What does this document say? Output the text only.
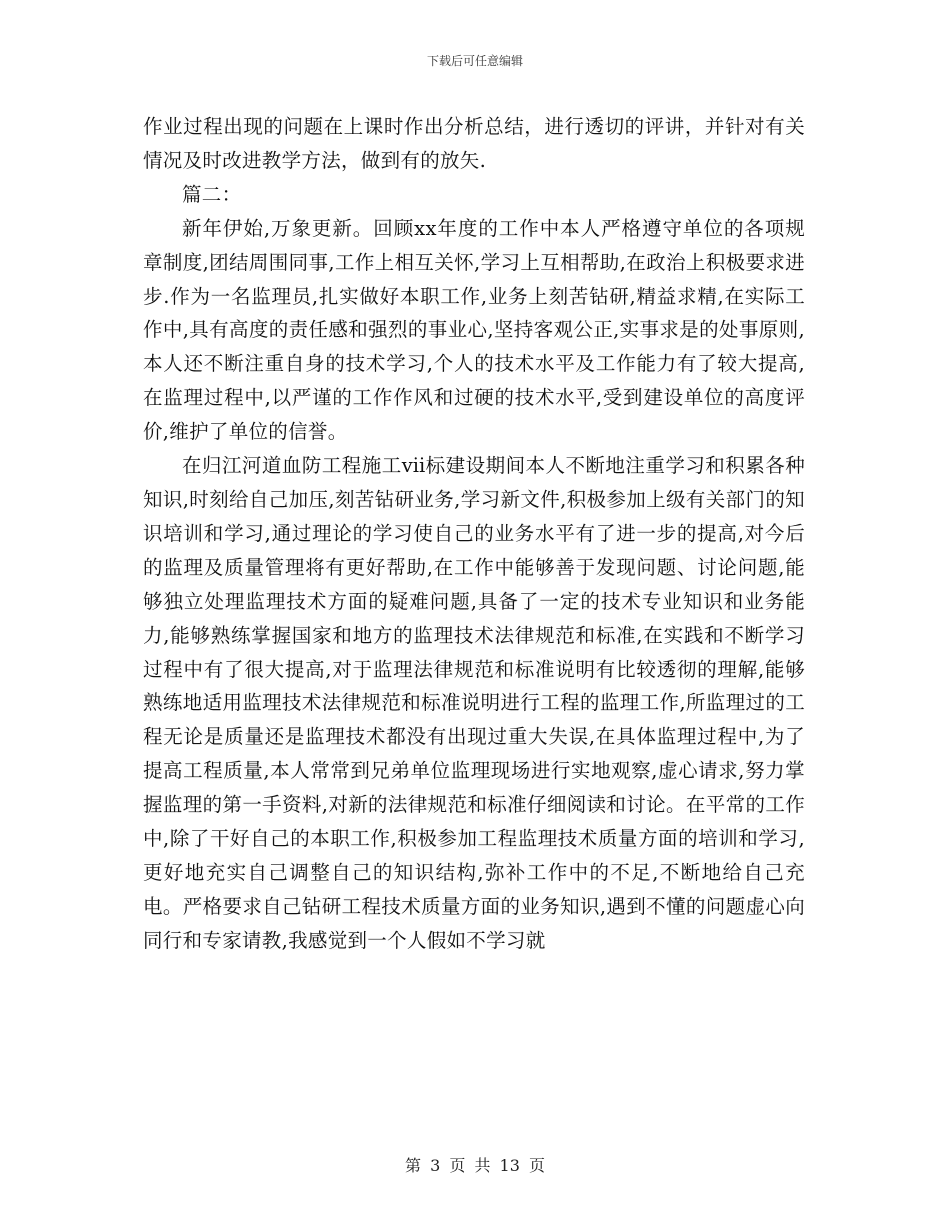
下载后可任意编辑

作业过程出现的问题在上课时作出分析总结，进行透切的评讲，并针对有关情况及时改进教学方法，做到有的放矢.

篇二：

新年伊始,万象更新。回顾xx年度的工作中本人严格遵守单位的各项规章制度,团结周围同事,工作上相互关怀,学习上互相帮助,在政治上积极要求进步.作为一名监理员,扎实做好本职工作,业务上刻苦钻研,精益求精,在实际工作中,具有高度的责任感和强烈的事业心,坚持客观公正,实事求是的处事原则,本人还不断注重自身的技术学习,个人的技术水平及工作能力有了较大提高,在监理过程中,以严谨的工作作风和过硬的技术水平,受到建设单位的高度评价,维护了单位的信誉。

在归江河道血防工程施工ⅶ标建设期间本人不断地注重学习和积累各种知识,时刻给自己加压,刻苦钻研业务,学习新文件,积极参加上级有关部门的知识培训和学习,通过理论的学习使自己的业务水平有了进一步的提高,对今后的监理及质量管理将有更好帮助,在工作中能够善于发现问题、讨论问题,能够独立处理监理技术方面的疑难问题,具备了一定的技术专业知识和业务能力,能够熟练掌握国家和地方的监理技术法律规范和标准,在实践和不断学习过程中有了很大提高,对于监理法律规范和标准说明有比较透彻的理解,能够熟练地适用监理技术法律规范和标准说明进行工程的监理工作,所监理过的工程无论是质量还是监理技术都没有出现过重大失误,在具体监理过程中,为了提高工程质量,本人常常到兄弟单位监理现场进行实地观察,虚心请求,努力掌握监理的第一手资料,对新的法律规范和标准仔细阅读和讨论。在平常的工作中,除了干好自己的本职工作,积极参加工程监理技术质量方面的培训和学习,更好地充实自己调整自己的知识结构,弥补工作中的不足,不断地给自己充电。严格要求自己钻研工程技术质量方面的业务知识,遇到不懂的问题虚心向同行和专家请教,我感觉到一个人假如不学习就

第 3 页 共 13 页
